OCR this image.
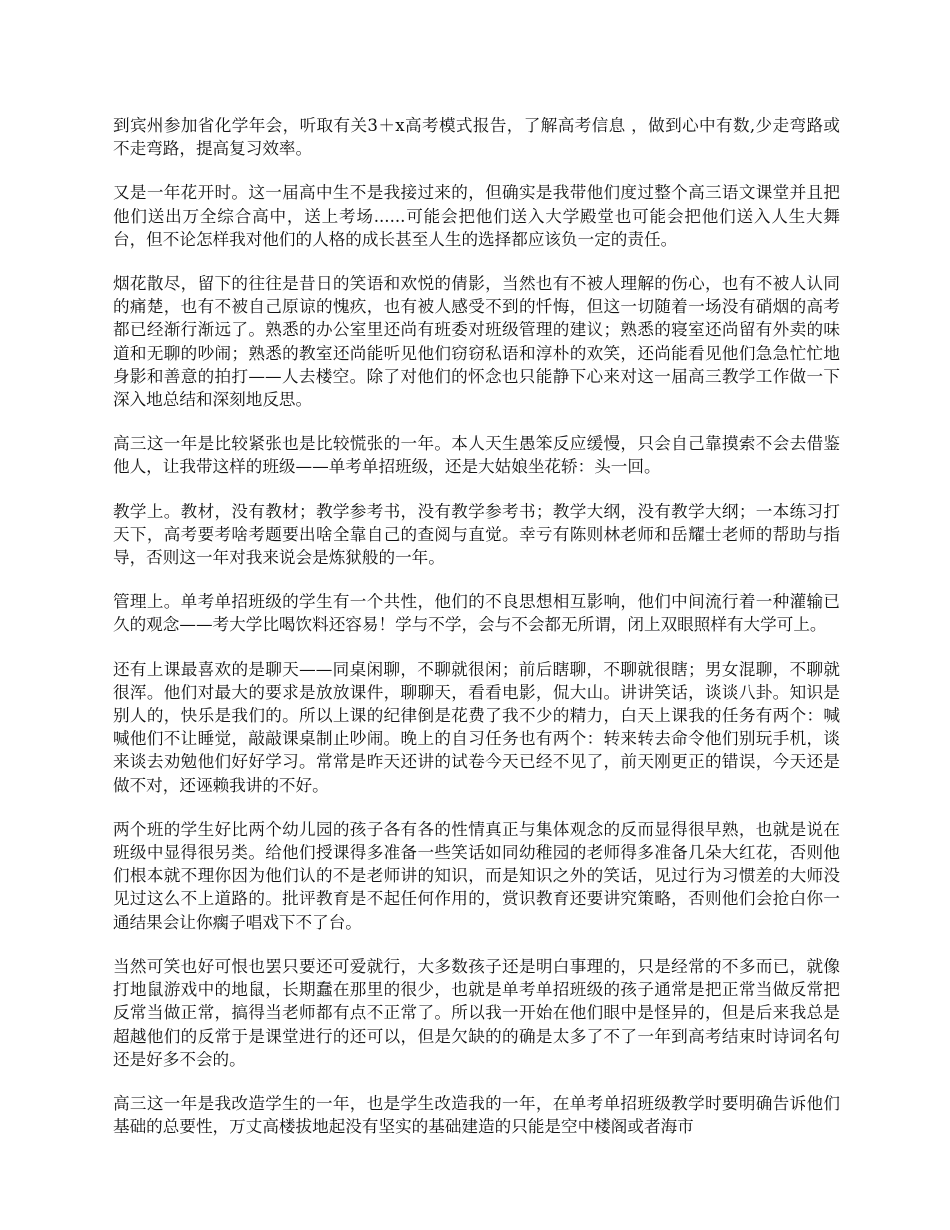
到宾州参加省化学年会，听取有关3＋x高考模式报告，了解高考信息 ，做到心中有数,少走弯路或不走弯路，提高复习效率。

又是一年花开时。这一届高中生不是我接过来的，但确实是我带他们度过整个高三语文课堂并且把他们送出万全综合高中，送上考场......可能会把他们送入大学殿堂也可能会把他们送入人生大舞台，但不论怎样我对他们的人格的成长甚至人生的选择都应该负一定的责任。

烟花散尽，留下的往往是昔日的笑语和欢悦的倩影，当然也有不被人理解的伤心，也有不被人认同的痛楚，也有不被自己原谅的愧疚，也有被人感受不到的忏悔，但这一切随着一场没有硝烟的高考都已经渐行渐远了。熟悉的办公室里还尚有班委对班级管理的建议；熟悉的寝室还尚留有外卖的味道和无聊的吵闹；熟悉的教室还尚能听见他们窃窃私语和淳朴的欢笑，还尚能看见他们急急忙忙地身影和善意的拍打——人去楼空。除了对他们的怀念也只能静下心来对这一届高三教学工作做一下深入地总结和深刻地反思。

高三这一年是比较紧张也是比较慌张的一年。本人天生愚笨反应缓慢，只会自己靠摸索不会去借鉴他人，让我带这样的班级——单考单招班级，还是大姑娘坐花轿：头一回。

教学上。教材，没有教材；教学参考书，没有教学参考书；教学大纲，没有教学大纲；一本练习打天下，高考要考啥考题要出啥全靠自己的查阅与直觉。幸亏有陈则林老师和岳耀士老师的帮助与指导，否则这一年对我来说会是炼狱般的一年。

管理上。单考单招班级的学生有一个共性，他们的不良思想相互影响，他们中间流行着一种灌输已久的观念——考大学比喝饮料还容易！学与不学，会与不会都无所谓，闭上双眼照样有大学可上。

还有上课最喜欢的是聊天——同桌闲聊，不聊就很闲；前后瞎聊，不聊就很瞎；男女混聊，不聊就很浑。他们对最大的要求是放放课件，聊聊天，看看电影，侃大山。讲讲笑话，谈谈八卦。知识是别人的，快乐是我们的。所以上课的纪律倒是花费了我不少的精力，白天上课我的任务有两个：喊喊他们不让睡觉，敲敲课桌制止吵闹。晚上的自习任务也有两个：转来转去命令他们别玩手机，谈来谈去劝勉他们好好学习。常常是昨天还讲的试卷今天已经不见了，前天刚更正的错误，今天还是做不对，还诬赖我讲的不好。

两个班的学生好比两个幼儿园的孩子各有各的性情真正与集体观念的反而显得很早熟，也就是说在班级中显得很另类。给他们授课得多准备一些笑话如同幼稚园的老师得多准备几朵大红花，否则他们根本就不理你因为他们认的不是老师讲的知识，而是知识之外的笑话，见过行为习惯差的大师没见过这么不上道路的。批评教育是不起任何作用的，赏识教育还要讲究策略，否则他们会抢白你一通结果会让你瘸子唱戏下不了台。

当然可笑也好可恨也罢只要还可爱就行，大多数孩子还是明白事理的，只是经常的不多而已，就像打地鼠游戏中的地鼠，长期蠢在那里的很少，也就是单考单招班级的孩子通常是把正常当做反常把反常当做正常，搞得当老师都有点不正常了。所以我一开始在他们眼中是怪异的，但是后来我总是超越他们的反常于是课堂进行的还可以，但是欠缺的的确是太多了不了一年到高考结束时诗词名句还是好多不会的。

高三这一年是我改造学生的一年，也是学生改造我的一年，在单考单招班级教学时要明确告诉他们基础的总要性，万丈高楼拔地起没有坚实的基础建造的只能是空中楼阁或者海市
